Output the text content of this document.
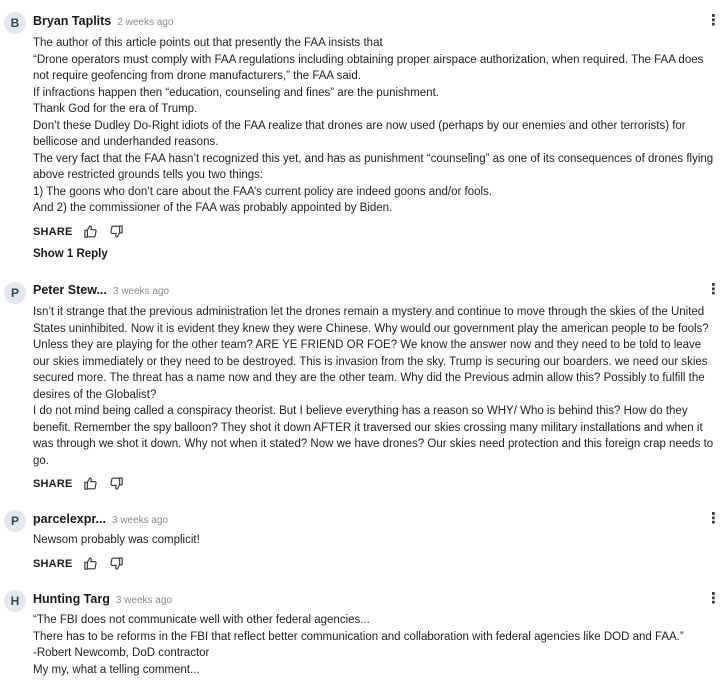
B	Bryan Taplits 2 weeks ago	⋮

The author of this article points out that presently the FAA insists that

“Drone operators must comply with FAA regulations including obtaining proper airspace authorization, when required. The FAA does not require geofencing from drone manufacturers,” the FAA said.

If infractions happen then “education, counseling and fines” are the punishment.

Thank God for the era of Trump.

Don’t these Dudley Do-Right idiots of the FAA realize that drones are now used (perhaps by our enemies and other terrorists) for bellicose and underhanded reasons.

The very fact that the FAA hasn’t recognized this yet, and has as punishment “counseling” as one of its consequences of drones flying above restricted grounds tells you two things:

1) The goons who don’t care about the FAA’s current policy are indeed goons and/or fools.

And 2) the commissioner of the FAA was probably appointed by Biden.

SHARE
Show 1 Reply
P	Peter Stew... 3 weeks ago	⋮

Isn’t it strange that the previous administration let the drones remain a mystery and continue to move through the skies of the United States uninhibited. Now it is evident they knew they were Chinese. Why would our government play the american people to be fools? Unless they are playing for the other team? ARE YE FRIEND OR FOE? We know the answer now and they need to be told to leave our skies immediately or they need to be destroyed. This is invasion from the sky. Trump is securing our boarders. we need our skies secured more. The threat has a name now and they are the other team. Why did the Previous admin allow this? Possibly to fulfill the desires of the Globalist?

I do not mind being called a conspiracy theorist. But I believe everything has a reason so WHY/ Who is behind this? How do they benefit. Remember the spy balloon? They shot it down AFTER it traversed our skies crossing many military installations and when it was through we shot it down. Why not when it stated? Now we have drones? Our skies need protection and this foreign crap needs to go.

SHARE
P	parcelexpr... 3 weeks ago	⋮

Newsom probably was complicit!

SHARE
H	Hunting Targ 3 weeks ago	⋮

“The FBI does not communicate well with other federal agencies...

There has to be reforms in the FBI that reflect better communication and collaboration with federal agencies like DOD and FAA.”

-Robert Newcomb, DoD contractor

My my, what a telling comment...
